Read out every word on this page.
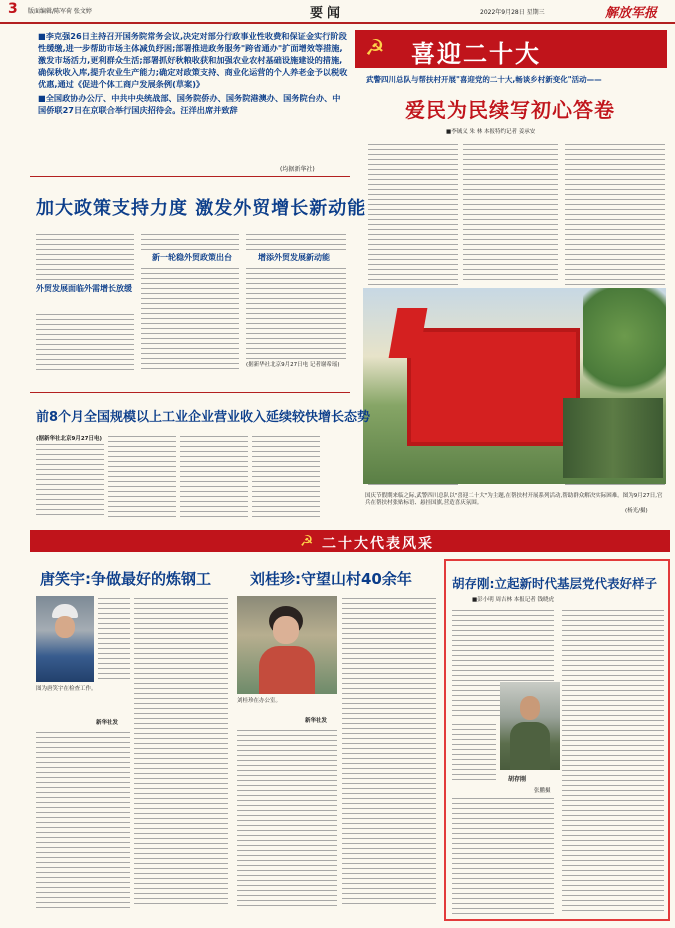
3 版面编辑/陈军荷 张文婷	要闻	2022年9月28日 星期三	解放军报
■李克强26日主持召开国务院常务会议,决定对部分行政事业性收费和保证金实行阶段性缓缴,进一步帮助市场主体减负纾困;部署推进政务服务"跨省通办"扩面增效等措施,激发市场活力,更利群众生活;部署抓好秋粮收获和加强农业农村基础设施建设的措施,确保秋收入库,提升农业生产能力;确定对政策支持、商业化运营的个人养老金予以税收优惠,通过《促进个体工商户发展条例(草案)》
■全国政协办公厅、中共中央统战部、国务院侨办、国务院港澳办、国务院台办、中国侨联27日在京联合举行国庆招待会。汪洋出席并致辞
(均据新华社)
☭ 喜迎二十大
武警四川总队与帮扶村开展"喜迎党的二十大,畅谈乡村新变化"活动——
爱民为民续写初心答卷
■李铖义 朱 林 本报特约记者 姜承安
国庆节假期来临之际,武警四川总队以"喜迎二十大"为主题,在帮扶村开展系列活动,帮助群众解决实际困难。图为9月27日,官兵在帮扶村张贴标语、悬挂国旗,营造喜庆氛围。
(杨光/摄)
加大政策支持力度 激发外贸增长新动能
外贸发展面临外需增长放缓
新一轮稳外贸政策出台	增添外贸发展新动能
(据新华社北京9月27日电 记者谢希瑶)
前8个月全国规模以上工业企业营业收入延续较快增长态势
(据新华社北京9月27日电)
☭ 二十大代表风采
唐笑宇:争做最好的炼钢工
图为唐笑宇在检查工作。
新华社发
刘桂珍:守望山村40余年
刘桂珍在办公室。
新华社发
胡存刚:立起新时代基层党代表好样子
■彭小明 周吉林 本报记者 钱晓虎
胡存刚
张鹏摄
